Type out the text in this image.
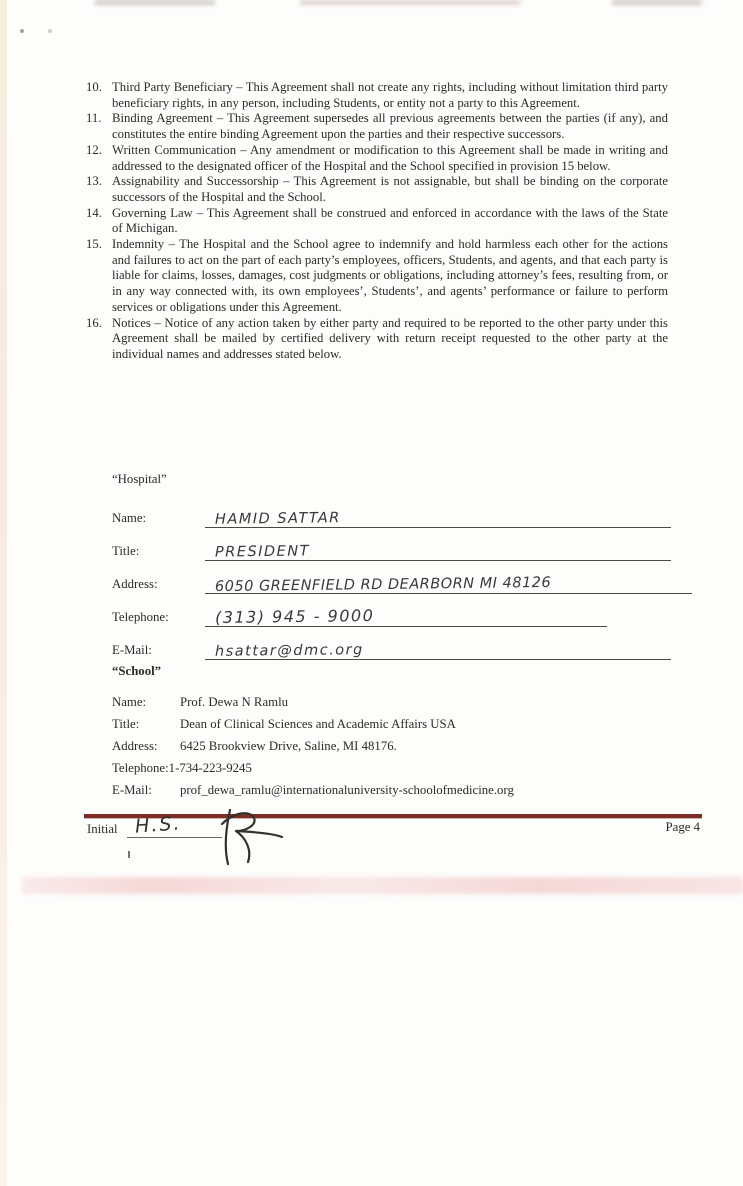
10. Third Party Beneficiary – This Agreement shall not create any rights, including without limitation third party beneficiary rights, in any person, including Students, or entity not a party to this Agreement.
11. Binding Agreement – This Agreement supersedes all previous agreements between the parties (if any), and constitutes the entire binding Agreement upon the parties and their respective successors.
12. Written Communication – Any amendment or modification to this Agreement shall be made in writing and addressed to the designated officer of the Hospital and the School specified in provision 15 below.
13. Assignability and Successorship – This Agreement is not assignable, but shall be binding on the corporate successors of the Hospital and the School.
14. Governing Law – This Agreement shall be construed and enforced in accordance with the laws of the State of Michigan.
15. Indemnity – The Hospital and the School agree to indemnify and hold harmless each other for the actions and failures to act on the part of each party’s employees, officers, Students, and agents, and that each party is liable for claims, losses, damages, cost judgments or obligations, including attorney’s fees, resulting from, or in any way connected with, its own employees’, Students’, and agents’ performance or failure to perform services or obligations under this Agreement.
16. Notices – Notice of any action taken by either party and required to be reported to the other party under this Agreement shall be mailed by certified delivery with return receipt requested to the other party at the individual names and addresses stated below.
“Hospital”
Name:	HAMID SATTAR
Title:	PRESIDENT
Address:	6050 GREENFIELD RD DEARBORN MI 48126
Telephone:	(313) 945 - 9000
E-Mail:	hsattar@dmc.org
“School”
Name:	Prof. Dewa N Ramlu
Title:	Dean of Clinical Sciences and Academic Affairs USA
Address:	6425 Brookview Drive, Saline, MI 48176.
Telephone: 1-734-223-9245
E-Mail:	prof_dewa_ramlu@internationaluniversity-schoolofmedicine.org
Initial H.S.	Page 4
